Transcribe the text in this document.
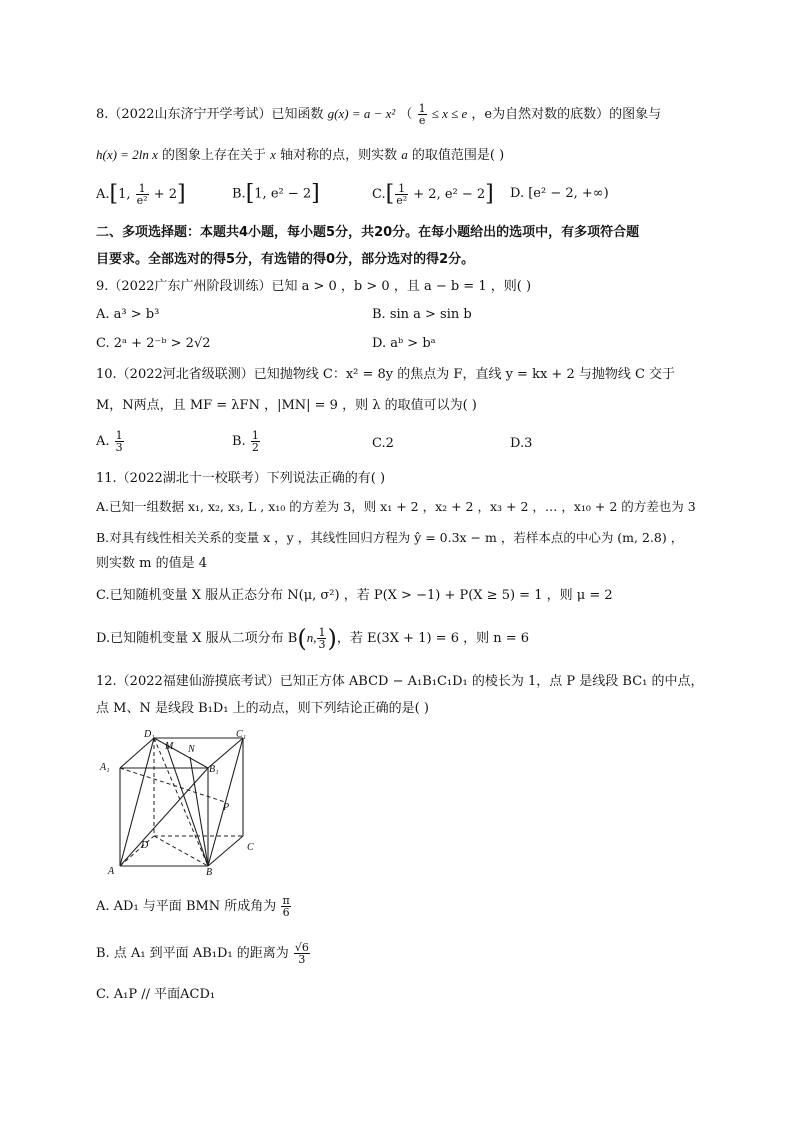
8.（2022山东济宁开学考试）已知函数 g(x) = a − x² （ $\frac{1}{e} \le x \le e$ ，e为自然对数的底数）的图象与
h(x) = 2ln x 的图象上存在关于 x 轴对称的点，则实数 a 的取值范围是( )
A.[1, $\frac{1}{\text{e²}} + 2$]	B.[1, e² − 2]	$C.[ \frac{1}{\text{e²}} + 2$, e² − 2] D. [e² − 2, +∞)
二、多项选择题：本题共4小题，每小题5分，共20分。在每小题给出的选项中，有多项符合题
目要求。全部选对的得5分，有选错的得0分，部分选对的得2分。
9.（2022广东广州阶段训练）已知 a > 0 ，b > 0 ，且 a − b = 1 ，则( )
A. a³ > b³	B. sin a > sin b
C. 2ᵃ + 2⁻ᵇ > 2√2	D. aᵇ > bᵃ
10.（2022河北省级联测）已知抛物线 C：x² = 8y 的焦点为 F，直线 y = kx + 2 与抛物线 C 交于
M，N两点，且 MF = λFN ，|MN| = 9 ，则 λ 的取值可以为( )
A. $\frac{1}{3}$	B. $\frac{1}{2}$	C.2	D.3
11.（2022湖北十一校联考）下列说法正确的有( )
A.已知一组数据 x₁, x₂, x₃, L , x₁₀ 的方差为 3，则 x₁ + 2 ，x₂ + 2 ，x₃ + 2 ，… ，x₁₀ + 2 的方差也为 3
B.对具有线性相关关系的变量 x ，y ，其线性回归方程为 ŷ = 0.3x − m ，若样本点的中心为 (m, 2.8) ，
则实数 m 的值是 4
C.已知随机变量 X 服从正态分布 N(μ, σ²) ，若 P(X > −1) + P(X ≥ 5) = 1 ，则 μ = 2
D.已知随机变量 X 服从二项分布 B(n, $\frac{1}{3}$ )，若 E(3X + 1) = 6 ，则 n = 6
12.（2022福建仙游摸底考试）已知正方体 ABCD − A₁B₁C₁D₁ 的棱长为 1，点 P 是线段 BC₁ 的中点，
点 M、N 是线段 B₁D₁ 上的动点，则下列结论正确的是( )
D₁
M N
C₁
A₁	B₁
P
D	C
A	B
A. AD₁ 与平面 BMN 所成角为 $\frac{\pi}{6}$
B. 点 A₁ 到平面 AB₁D₁ 的距离为 $\frac{√6}{3}$
C. A₁P // 平面ACD₁
